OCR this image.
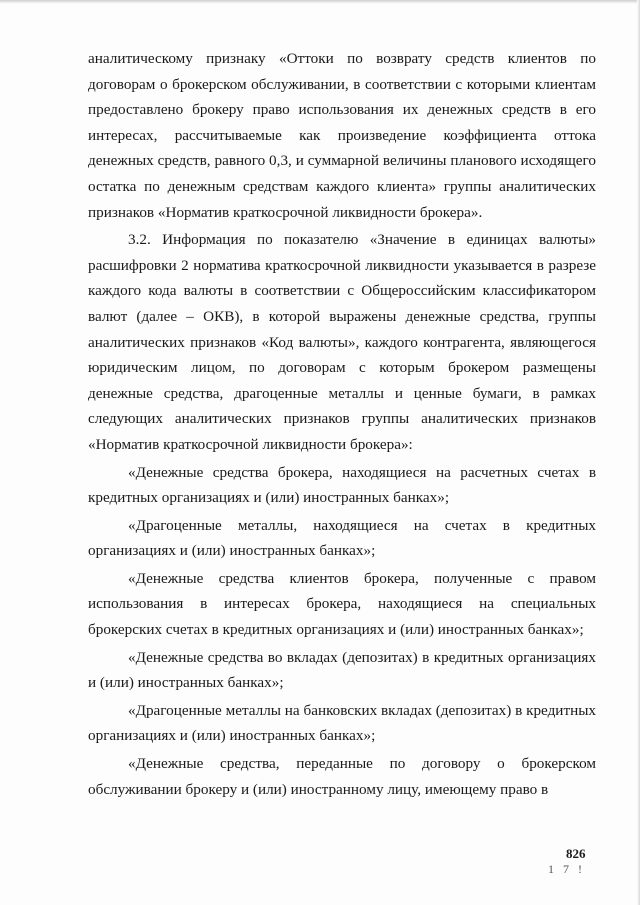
аналитическому признаку «Оттоки по возврату средств клиентов по договорам о брокерском обслуживании, в соответствии с которыми клиентам предоставлено брокеру право использования их денежных средств в его интересах, рассчитываемые как произведение коэффициента оттока денежных средств, равного 0,3, и суммарной величины планового исходящего остатка по денежным средствам каждого клиента» группы аналитических признаков «Норматив краткосрочной ликвидности брокера».

3.2. Информация по показателю «Значение в единицах валюты» расшифровки 2 норматива краткосрочной ликвидности указывается в разрезе каждого кода валюты в соответствии с Общероссийским классификатором валют (далее – ОКВ), в которой выражены денежные средства, группы аналитических признаков «Код валюты», каждого контрагента, являющегося юридическим лицом, по договорам с которым брокером размещены денежные средства, драгоценные металлы и ценные бумаги, в рамках следующих аналитических признаков группы аналитических признаков «Норматив краткосрочной ликвидности брокера»:

«Денежные средства брокера, находящиеся на расчетных счетах в кредитных организациях и (или) иностранных банках»;

«Драгоценные металлы, находящиеся на счетах в кредитных организациях и (или) иностранных банках»;

«Денежные средства клиентов брокера, полученные с правом использования в интересах брокера, находящиеся на специальных брокерских счетах в кредитных организациях и (или) иностранных банках»;

«Денежные средства во вкладах (депозитах) в кредитных организациях и (или) иностранных банках»;

«Драгоценные металлы на банковских вкладах (депозитах) в кредитных организациях и (или) иностранных банках»;

«Денежные средства, переданные по договору о брокерском обслуживании брокеру и (или) иностранному лицу, имеющему право в

826
1 7 !
